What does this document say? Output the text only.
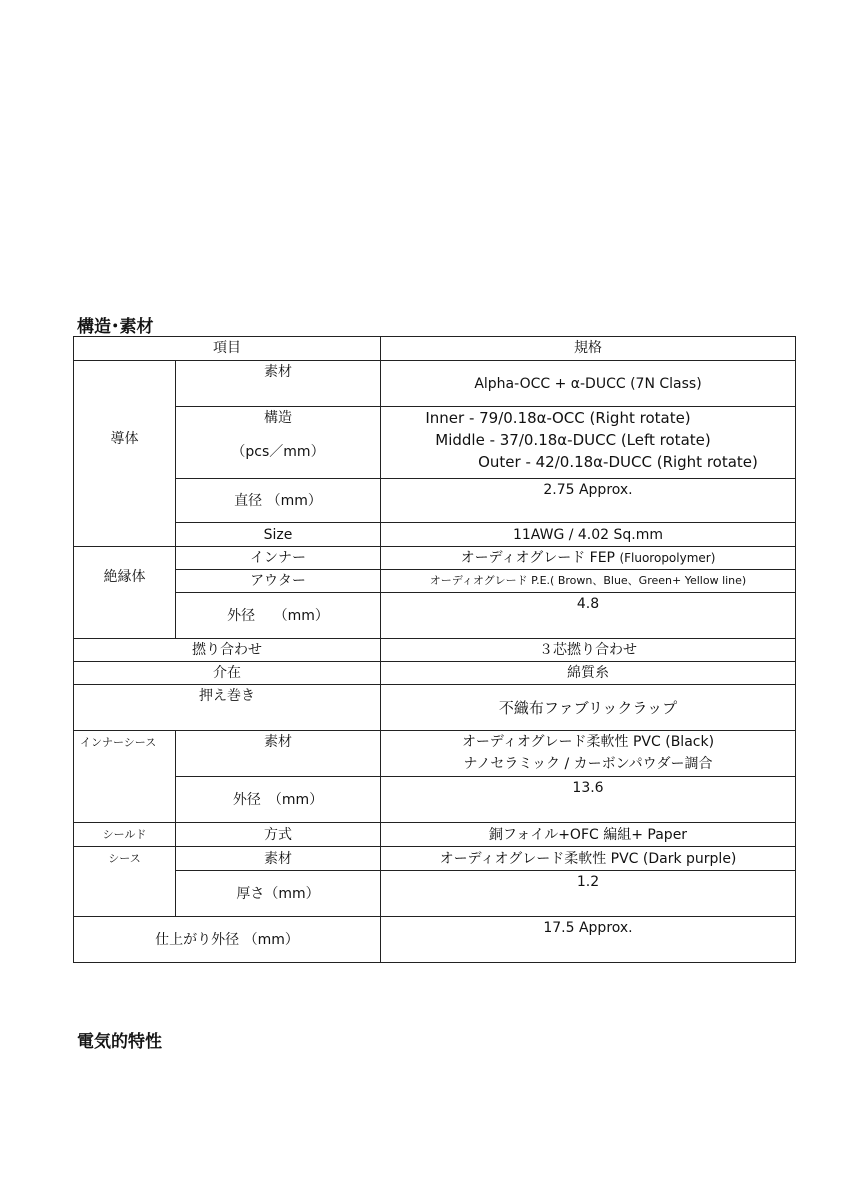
構造･素材
項目		規格
導体	素材	Alpha-OCC + α-DUCC (7N Class)

	構造
（pcs／mm）	Inner - 79/0.18α-OCC (Right rotate)
Middle - 37/0.18α-DUCC (Left rotate)
Outer - 42/0.18α-DUCC (Right rotate)

	直径 （mm）	2.75 Approx.
	Size	11AWG / 4.02 Sq.mm
絶縁体	インナー	オーディオグレード FEP (Fluoropolymer)
	アウター	オーディオグレード P.E.( Brown、Blue、Green+ Yellow line)
	外径　 （mm）	4.8
撚り合わせ		３芯撚り合わせ
介在		綿質糸
押え巻き		不織布ファブリックラップ
インナーシース	素材	オーディオグレード柔軟性 PVC (Black)
ナノセラミック / カーボンパウダー調合

	外径　（mm）	13.6
シールド	方式	銅フォイル+OFC 編組+ Paper
シース	素材	オーディオグレード柔軟性 PVC (Dark purple)
	厚さ（mm）	1.2
仕上がり外径 （mm）		17.5 Approx.
電気的特性
